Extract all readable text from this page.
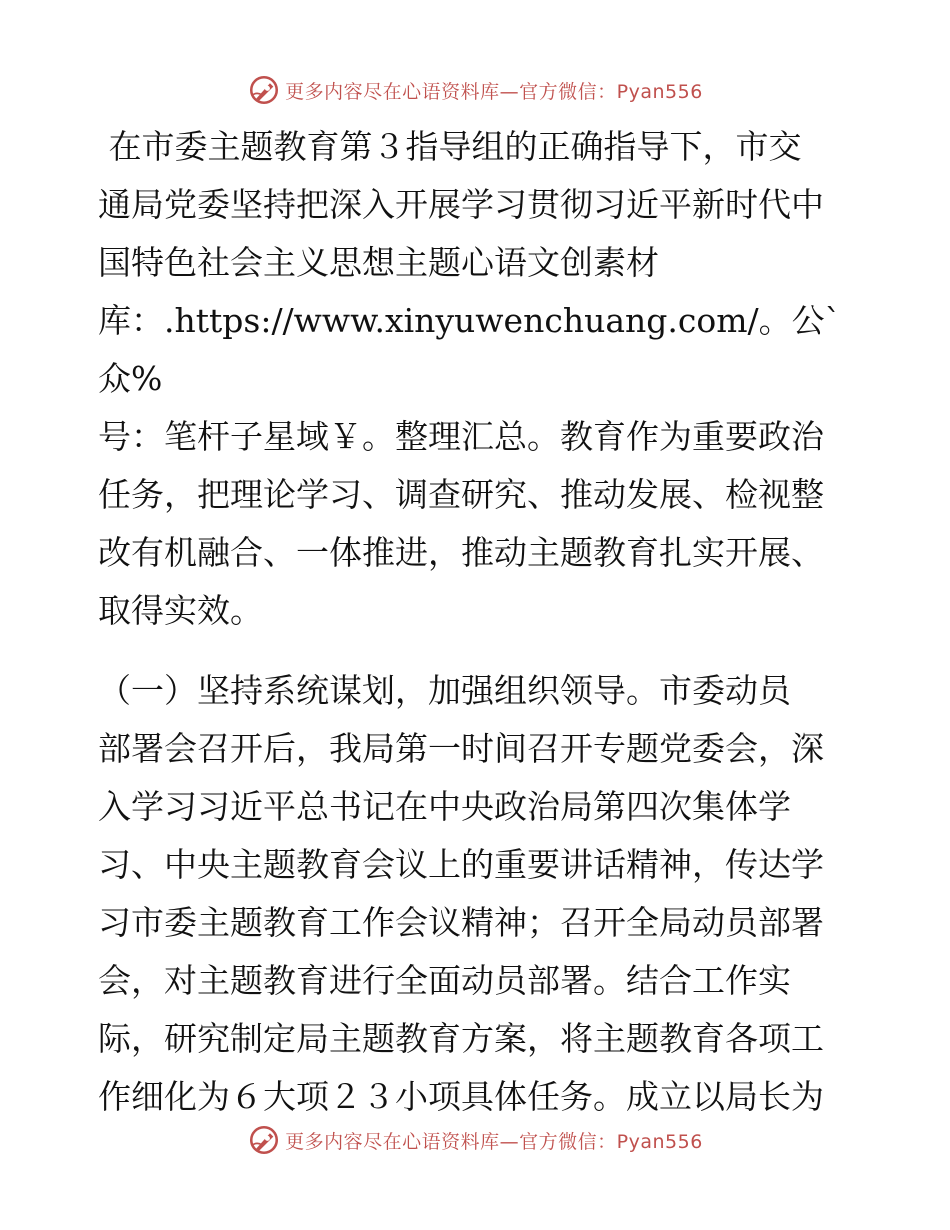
更多内容尽在心语资料库—官方微信：Pyan556

在市委主题教育第３指导组的正确指导下，市交
通局党委坚持把深入开展学习贯彻习近平新时代中
国特色社会主义思想主题心语文创素材
库：.https://www.xinyuwenchuang.com/。公`众%
号：笔杆子星域￥。整理汇总。教育作为重要政治
任务，把理论学习、调查研究、推动发展、检视整
改有机融合、一体推进，推动主题教育扎实开展、
取得实效。

（一）坚持系统谋划，加强组织领导。市委动员
部署会召开后，我局第一时间召开专题党委会，深
入学习习近平总书记在中央政治局第四次集体学
习、中央主题教育会议上的重要讲话精神，传达学
习市委主题教育工作会议精神；召开全局动员部署
会，对主题教育进行全面动员部署。结合工作实
际，研究制定局主题教育方案，将主题教育各项工
作细化为６大项２３小项具体任务。成立以局长为

更多内容尽在心语资料库—官方微信：Pyan556
